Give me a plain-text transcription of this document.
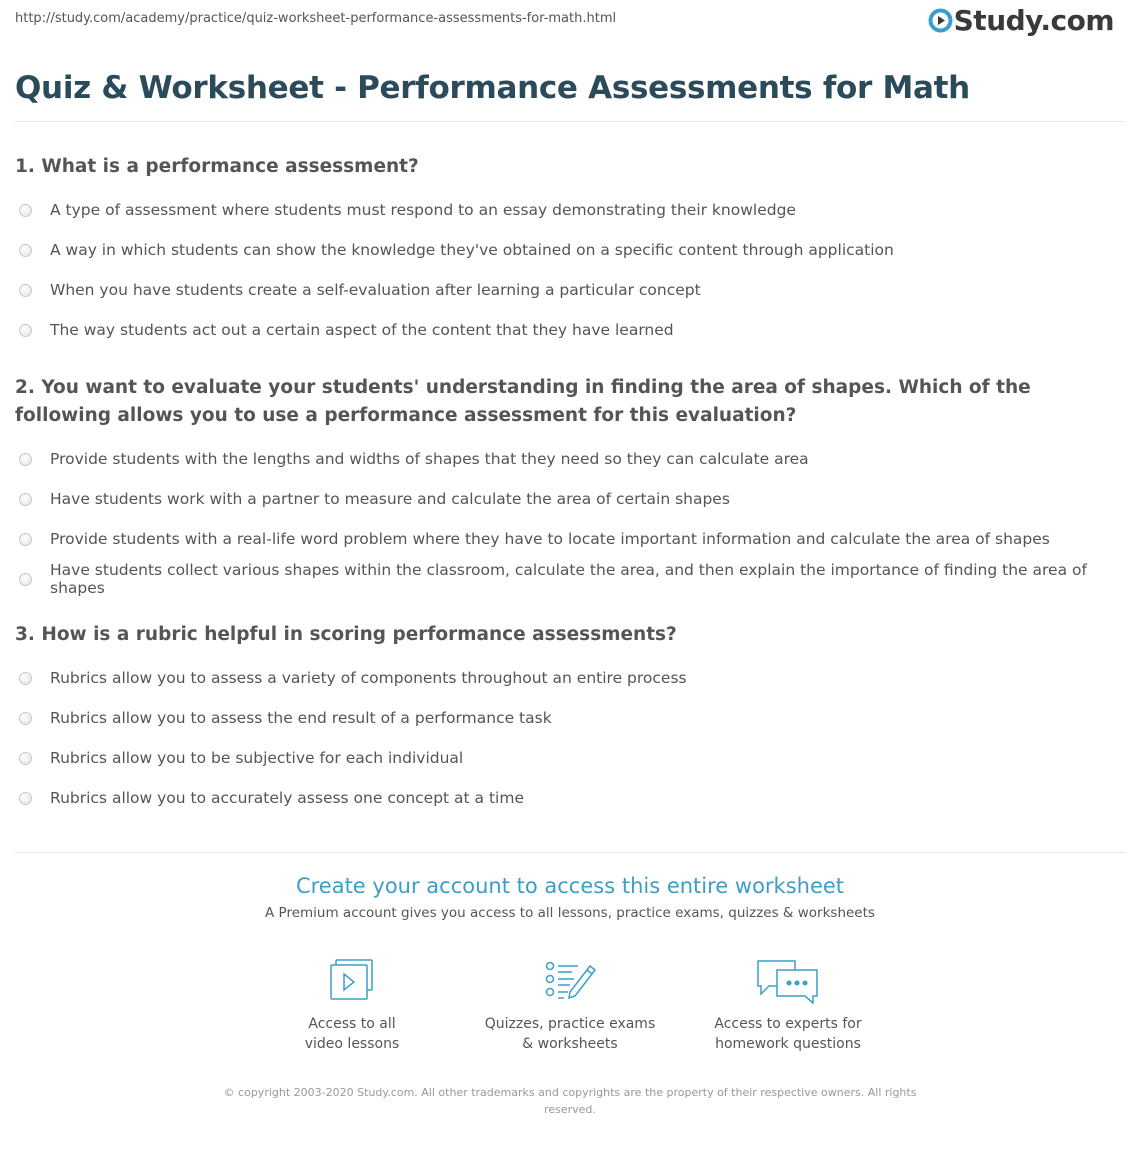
http://study.com/academy/practice/quiz-worksheet-performance-assessments-for-math.html	Study.com
Quiz & Worksheet - Performance Assessments for Math

1. What is a performance assessment?

A type of assessment where students must respond to an essay demonstrating their knowledge
A way in which students can show the knowledge they've obtained on a specific content through application
When you have students create a self-evaluation after learning a particular concept
The way students act out a certain aspect of the content that they have learned

2. You want to evaluate your students' understanding in finding the area of shapes. Which of the following allows you to use a performance assessment for this evaluation?

Provide students with the lengths and widths of shapes that they need so they can calculate area
Have students work with a partner to measure and calculate the area of certain shapes
Provide students with a real-life word problem where they have to locate important information and calculate the area of shapes
Have students collect various shapes within the classroom, calculate the area, and then explain the importance of finding the area of shapes

3. How is a rubric helpful in scoring performance assessments?

Rubrics allow you to assess a variety of components throughout an entire process
Rubrics allow you to assess the end result of a performance task
Rubrics allow you to be subjective for each individual
Rubrics allow you to accurately assess one concept at a time
Create your account to access this entire worksheet
A Premium account gives you access to all lessons, practice exams, quizzes & worksheets
Access to all
video lessons
Quizzes, practice exams
& worksheets
Access to experts for
homework questions
© copyright 2003-2020 Study.com. All other trademarks and copyrights are the property of their respective owners. All rights reserved.
